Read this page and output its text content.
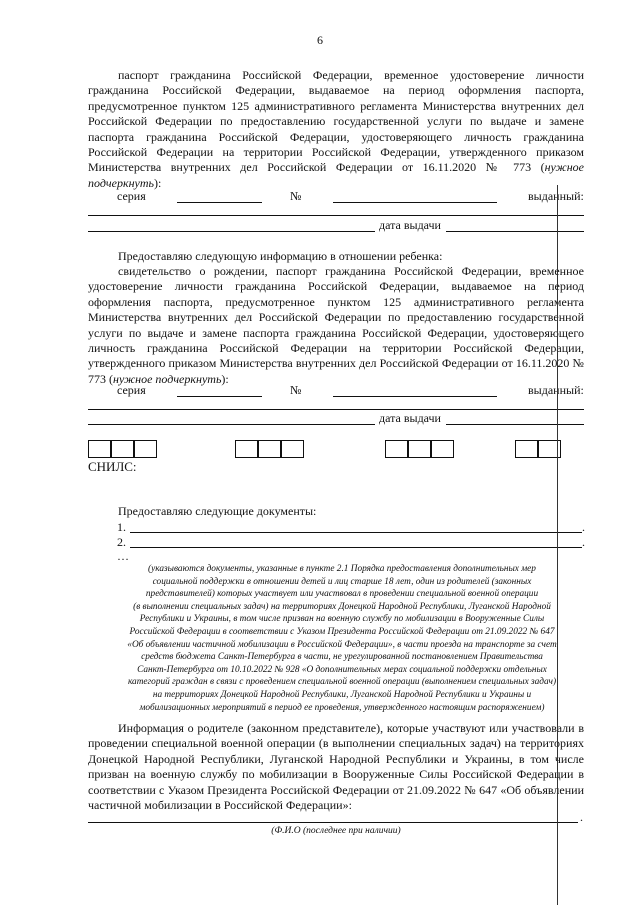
6

паспорт гражданина Российской Федерации, временное удостоверение личности гражданина Российской Федерации, выдаваемое на период оформления паспорта, предусмотренное пунктом 125 административного регламента Министерства внутренних дел Российской Федерации по предоставлению государственной услуги по выдаче и замене паспорта гражданина Российской Федерации, удостоверяющего личность гражданина Российской Федерации на территории Российской Федерации, утвержденного приказом Министерства внутренних дел Российской Федерации от 16.11.2020 № 773 (нужное подчеркнуть):

серия	№	выданный:
дата выдачи

Предоставляю следующую информацию в отношении ребенка:

свидетельство о рождении, паспорт гражданина Российской Федерации, временное удостоверение личности гражданина Российской Федерации, выдаваемое на период оформления паспорта, предусмотренное пунктом 125 административного регламента Министерства внутренних дел Российской Федерации по предоставлению государственной услуги по выдаче и замене паспорта гражданина Российской Федерации, удостоверяющего личность гражданина Российской Федерации на территории Российской Федерации, утвержденного приказом Министерства внутренних дел Российской Федерации от 16.11.2020 № 773 (нужное подчеркнуть):

серия	№	выданный:
дата выдачи
СНИЛС:

Предоставляю следующие документы:

1.	.
2.	.
…

(указываются документы, указанные в пункте 2.1 Порядка предоставления дополнительных мер

социальной поддержки в отношении детей и лиц старше 18 лет, один из родителей (законных

представителей) которых участвует или участвовал в проведении специальной военной операции

(в выполнении специальных задач) на территориях Донецкой Народной Республики, Луганской Народной

Республики и Украины, в том числе призван на военную службу по мобилизации в Вооруженные Силы

Российской Федерации в соответствии с Указом Президента Российской Федерации от 21.09.2022 № 647

«Об объявлении частичной мобилизации в Российской Федерации», в части проезда на транспорте за счет

средств бюджета Санкт-Петербурга в части, не урегулированной постановлением Правительства

Санкт-Петербурга от 10.10.2022 № 928 «О дополнительных мерах социальной поддержки отдельных

категорий граждан в связи с проведением специальной военной операции (выполнением специальных задач)

на территориях Донецкой Народной Республики, Луганской Народной Республики и Украины и

мобилизационных мероприятий в период ее проведения, утвержденного настоящим распоряжением)

Информация о родителе (законном представителе), которые участвуют или участвовали в проведении специальной военной операции (в выполнении специальных задач) на территориях Донецкой Народной Республики, Луганской Народной Республики и Украины, в том числе призван на военную службу по мобилизации в Вооруженные Силы Российской Федерации в соответствии с Указом Президента Российской Федерации от 21.09.2022 № 647 «Об объявлении частичной мобилизации в Российской Федерации»:

.
(Ф.И.О (последнее при наличии)
